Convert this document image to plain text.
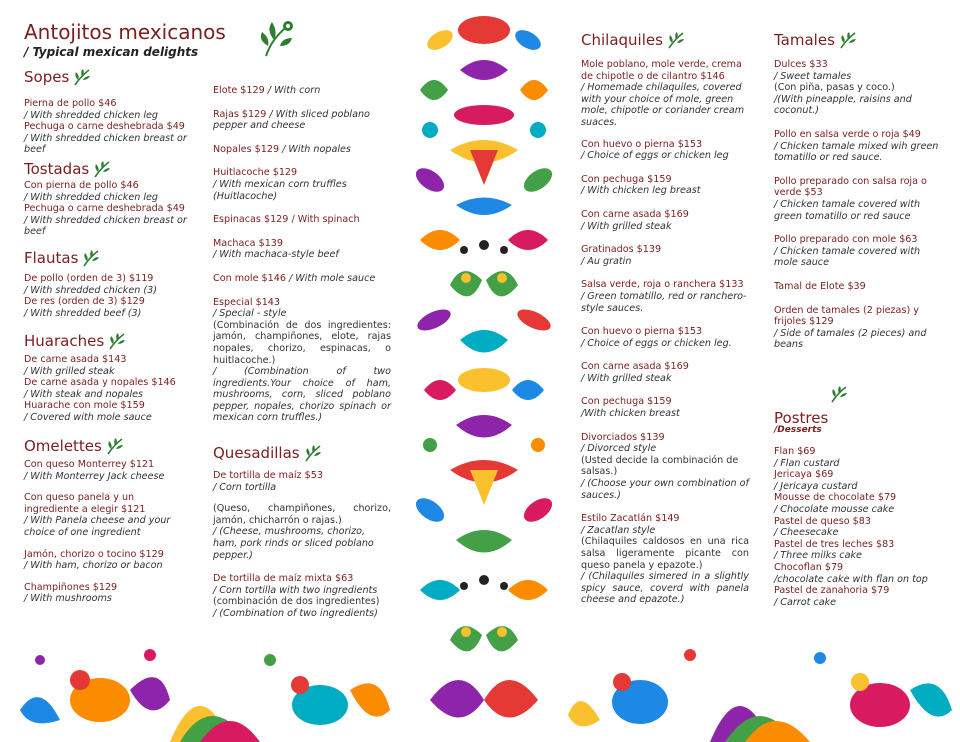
Antojitos mexicanos
/ Typical mexican delights
Sopes
Pierna de pollo $46
/ With shredded chicken leg
Pechuga o carne deshebrada $49
/ With shredded chicken breast or beef
Tostadas
Con pierna de pollo $46
/ With shredded chicken leg
Pechuga o carne deshebrada $49
/ With shredded chicken breast or beef
Flautas
De pollo (orden de 3) $119
/ With shredded chicken (3)
De res (orden de 3) $129
/ With shredded beef (3)
Huaraches
De carne asada $143
/ With grilled steak
De carne asada y nopales $146
/ With steak and nopales
Huarache con mole $159
/ Covered with mole sauce
Omelettes
Con queso Monterrey $121
/ With Monterrey Jack cheese
Con queso panela y un ingrediente a elegir $121
/ With Panela cheese and your choice of one ingredient
Jamón, chorizo o tocino $129
/ With ham, chorizo or bacon
Champiñones $129
/ With mushrooms
Elote $129 / With corn
Rajas $129 / With sliced poblano pepper and cheese
Nopales $129 / With nopales
Huitlacoche $129
/ With mexican corn truffles (Huitlacoche)
Espinacas $129 / With spinach
Machaca $139
/ With machaca-style beef
Con mole $146 / With mole sauce
Especial $143
/ Special - style
(Combinación de dos ingredientes: jamón, champiñones, elote, rajas nopales, chorizo, espinacas, o huitlacoche.)
/ (Combination of two ingredients.Your choice of ham, mushrooms, corn, sliced poblano pepper, nopales, chorizo spinach or mexican corn truffles.)
Quesadillas
De tortilla de maíz $53
/ Corn tortilla
(Queso, champiñones, chorizo, jamón, chicharrón o rajas.)
/ (Cheese, mushrooms, chorizo, ham, pork rinds or sliced poblano pepper.)
De tortilla de maíz mixta $63
/ Corn tortilla with two ingredients
(combinación de dos ingredientes)
/ (Combination of two ingredients)
Chilaquiles
Mole poblano, mole verde, crema de chipotle o de cilantro $146
/ Homemade chilaquiles, covered with your choice of mole, green mole, chipotle or coriander cream suaces.
Con huevo o pierna $153
/ Choice of eggs or chicken leg
Con pechuga $159
/ With chicken leg breast
Con carne asada $169
/ With grilled steak
Gratinados $139
/ Au gratin
Salsa verde, roja o ranchera $133
/ Green tomatillo, red or ranchero-style sauces.
Con huevo o pierna $153
/ Choice of eggs or chicken leg.
Con carne asada $169
/ With grilled steak
Con pechuga $159
/With chicken breast
Divorciados $139
/ Divorced style
(Usted decide la combinación de salsas.)
/ (Choose your own combination of sauces.)
Estilo Zacatlán $149
/ Zacatlan style
(Chilaquiles caldosos en una rica salsa ligeramente picante con queso panela y epazote.)
/ (Chilaquiles simered in a slightly spicy sauce, coverd with panela cheese and epazote.)
Tamales
Dulces $33
/ Sweet tamales
(Con piña, pasas y coco.)
/(With pineapple, raisins and coconut.)
Pollo en salsa verde o roja $49
/ Chicken tamale mixed wih green tomatillo or red sauce.
Pollo preparado con salsa roja o verde $53
/ Chicken tamale covered with green tomatillo or red sauce
Pollo preparado con mole $63
/ Chicken tamale covered with mole sauce
Tamal de Elote $39
Orden de tamales (2 piezas) y frijoles $129
/ Side of tamales (2 pieces) and beans
Postres
/Desserts
Flan $69
/ Flan custard
Jericaya $69
/ Jericaya custard
Mousse de chocolate $79
/ Chocolate mousse cake
Pastel de queso $83
/ Cheesecake
Pastel de tres leches $83
/ Three milks cake
Chocoflan $79
/chocolate cake with flan on top
Pastel de zanahoria $79
/ Carrot cake
